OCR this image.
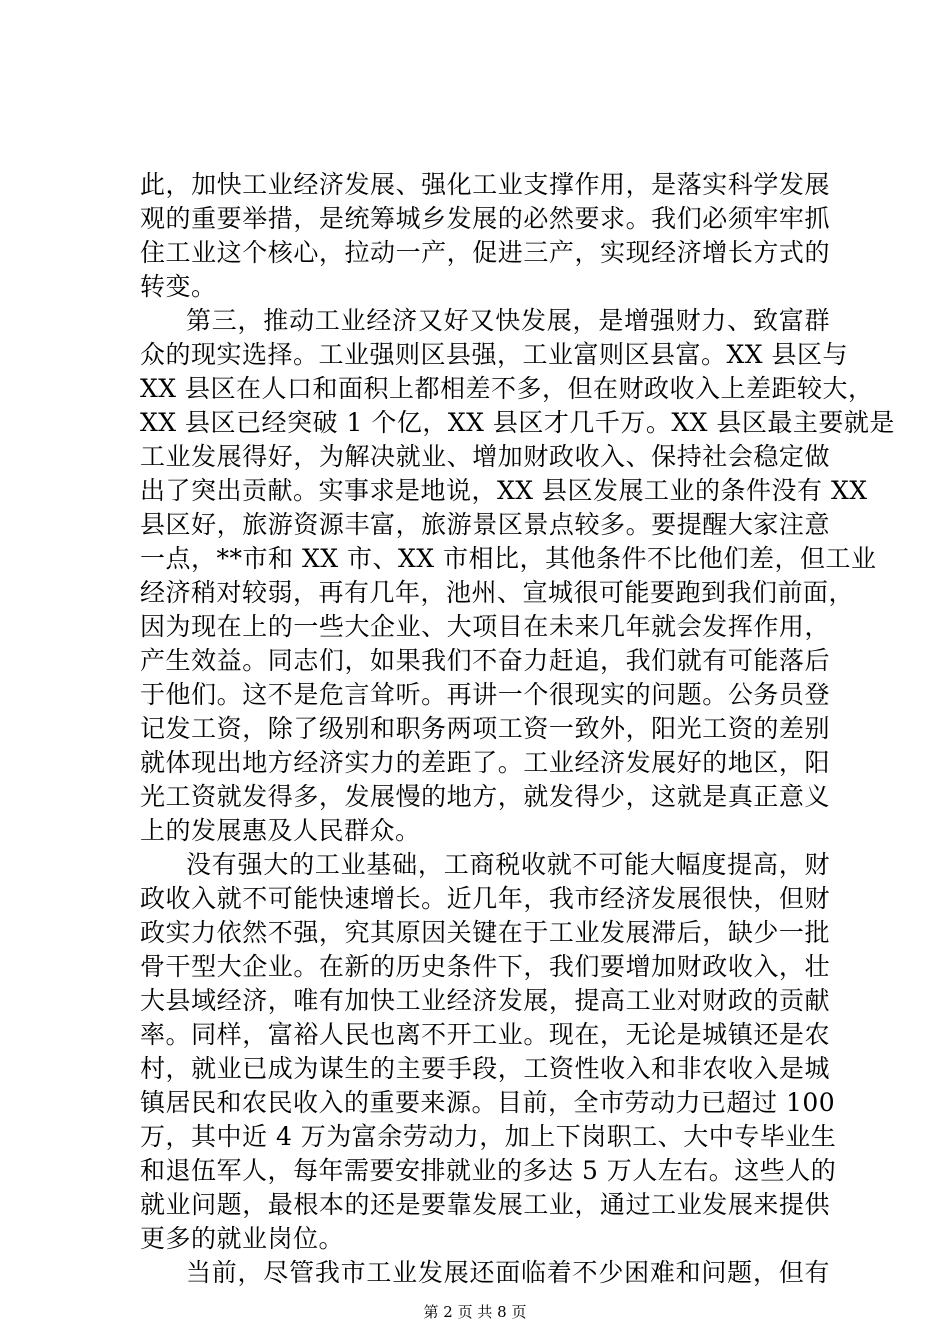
此，加快工业经济发展、强化工业支撑作用，是落实科学发展
观的重要举措，是统筹城乡发展的必然要求。我们必须牢牢抓
住工业这个核心，拉动一产，促进三产，实现经济增长方式的
转变。
第三，推动工业经济又好又快发展，是增强财力、致富群
众的现实选择。工业强则区县强，工业富则区县富。XX 县区与
XX 县区在人口和面积上都相差不多，但在财政收入上差距较大，
XX 县区已经突破 1 个亿，XX 县区才几千万。XX 县区最主要就是
工业发展得好，为解决就业、增加财政收入、保持社会稳定做
出了突出贡献。实事求是地说，XX 县区发展工业的条件没有 XX
县区好，旅游资源丰富，旅游景区景点较多。要提醒大家注意
一点，**市和 XX 市、XX 市相比，其他条件不比他们差，但工业
经济稍对较弱，再有几年，池州、宣城很可能要跑到我们前面，
因为现在上的一些大企业、大项目在未来几年就会发挥作用，
产生效益。同志们，如果我们不奋力赶追，我们就有可能落后
于他们。这不是危言耸听。再讲一个很现实的问题。公务员登
记发工资，除了级别和职务两项工资一致外，阳光工资的差别
就体现出地方经济实力的差距了。工业经济发展好的地区，阳
光工资就发得多，发展慢的地方，就发得少，这就是真正意义
上的发展惠及人民群众。
没有强大的工业基础，工商税收就不可能大幅度提高，财
政收入就不可能快速增长。近几年，我市经济发展很快，但财
政实力依然不强，究其原因关键在于工业发展滞后，缺少一批
骨干型大企业。在新的历史条件下，我们要增加财政收入，壮
大县域经济，唯有加快工业经济发展，提高工业对财政的贡献
率。同样，富裕人民也离不开工业。现在，无论是城镇还是农
村，就业已成为谋生的主要手段，工资性收入和非农收入是城
镇居民和农民收入的重要来源。目前，全市劳动力已超过 100
万，其中近 4 万为富余劳动力，加上下岗职工、大中专毕业生
和退伍军人，每年需要安排就业的多达 5 万人左右。这些人的
就业问题，最根本的还是要靠发展工业，通过工业发展来提供
更多的就业岗位。
当前，尽管我市工业发展还面临着不少困难和问题，但有
第 2 页 共 8 页
